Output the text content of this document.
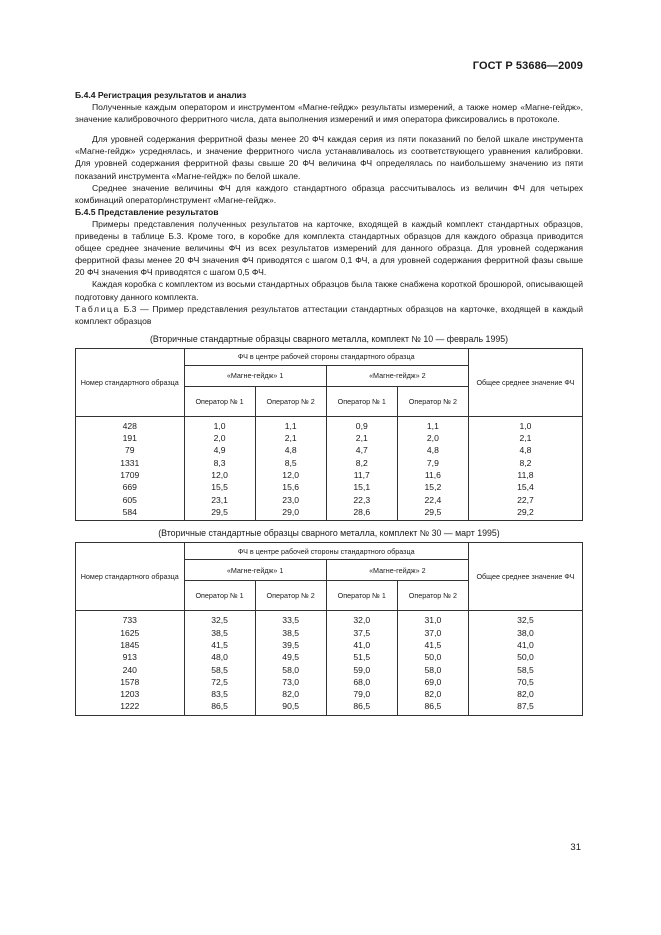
ГОСТ Р 53686—2009

Б.4.4 Регистрация результатов и анализ

Полученные каждым оператором и инструментом «Магне-гейдж» результаты измерений, а также номер «Магне-гейдж», значение калибровочного ферритного числа, дата выполнения измерений и имя оператора фиксировались в протоколе.

Для уровней содержания ферритной фазы менее 20 ФЧ каждая серия из пяти показаний по белой шкале инструмента «Магне-гейдж» усреднялась, и значение ферритного числа устанавливалось из соответствующего уравнения калибровки. Для уровней содержания ферритной фазы свыше 20 ФЧ величина ФЧ определялась по наибольшему значению из пяти показаний инструмента «Магне-гейдж» по белой шкале.

Среднее значение величины ФЧ для каждого стандартного образца рассчитывалось из величин ФЧ для четырех комбинаций оператор/инструмент «Магне-гейдж».

Б.4.5 Представление результатов

Примеры представления полученных результатов на карточке, входящей в каждый комплект стандартных образцов, приведены в таблице Б.3. Кроме того, в коробке для комплекта стандартных образцов для каждого образца приводится общее среднее значение величины ФЧ из всех результатов измерений для данного образца. Для уровней содержания ферритной фазы менее 20 ФЧ значения ФЧ приводятся с шагом 0,1 ФЧ, а для уровней содержания ферритной фазы свыше 20 ФЧ значения ФЧ приводятся с шагом 0,5 ФЧ.

Каждая коробка с комплектом из восьми стандартных образцов была также снабжена короткой брошюрой, описывающей подготовку данного комплекта.

Таблица Б.3 — Пример представления результатов аттестации стандартных образцов на карточке, входящей в каждый комплект образцов

(Вторичные стандартные образцы сварного металла, комплект № 10 — февраль 1995)
Номер стандартного образца	ФЧ в центре рабочей стороны стандартного образца				Общее среднее значение ФЧ
	«Магне-гейдж» 1		«Магне-гейдж» 2		
	Оператор № 1	Оператор № 2	Оператор № 1	Оператор № 2	
428	1,0	1,1	0,9	1,1	1,0
191	2,0	2,1	2,1	2,0	2,1
79	4,9	4,8	4,7	4,8	4,8
1331	8,3	8,5	8,2	7,9	8,2
1709	12,0	12,0	11,7	11,6	11,8
669	15,5	15,6	15,1	15,2	15,4
605	23,1	23,0	22,3	22,4	22,7
584	29,5	29,0	28,6	29,5	29,2
(Вторичные стандартные образцы сварного металла, комплект № 30 — март 1995)
Номер стандартного образца	ФЧ в центре рабочей стороны стандартного образца				Общее среднее значение ФЧ
	«Магне-гейдж» 1		«Магне-гейдж» 2		
	Оператор № 1	Оператор № 2	Оператор № 1	Оператор № 2	
733	32,5	33,5	32,0	31,0	32,5
1625	38,5	38,5	37,5	37,0	38,0
1845	41,5	39,5	41,0	41,5	41,0
913	48,0	49,5	51,5	50,0	50,0
240	58,5	58,0	59,0	58,0	58,5
1578	72,5	73,0	68,0	69,0	70,5
1203	83,5	82,0	79,0	82,0	82,0
1222	86,5	90,5	86,5	86,5	87,5
31
